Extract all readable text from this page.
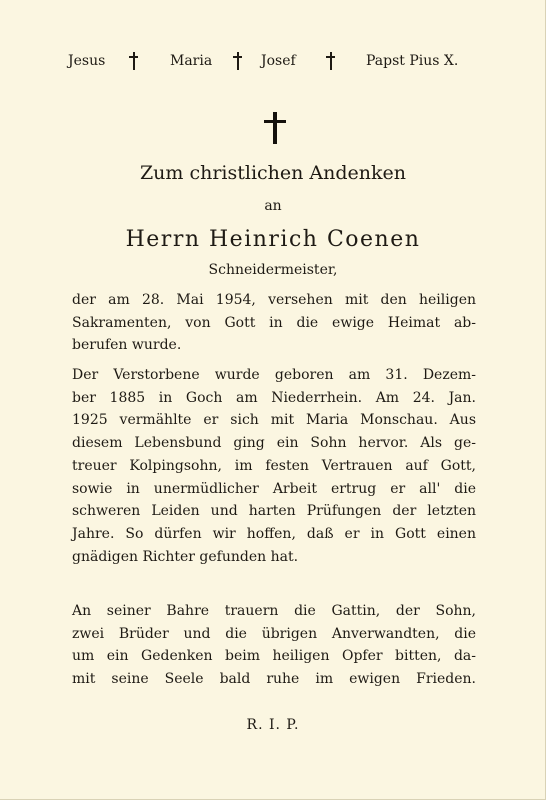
Jesus	Maria	Josef	Papst Pius X.
Zum christlichen Andenken
an
Herrn Heinrich Coenen
Schneidermeister,
der am 28. Mai 1954, versehen mit den heiligen
Sakramenten, von Gott in die ewige Heimat ab-
berufen wurde.
Der Verstorbene wurde geboren am 31. Dezem-
ber 1885 in Goch am Niederrhein. Am 24. Jan.
1925 vermählte er sich mit Maria Monschau. Aus
diesem Lebensbund ging ein Sohn hervor. Als ge-
treuer Kolpingsohn, im festen Vertrauen auf Gott,
sowie in unermüdlicher Arbeit ertrug er all' die
schweren Leiden und harten Prüfungen der letzten
Jahre. So dürfen wir hoffen, daß er in Gott einen
gnädigen Richter gefunden hat.
An seiner Bahre trauern die Gattin, der Sohn,
zwei Brüder und die übrigen Anverwandten, die
um ein Gedenken beim heiligen Opfer bitten, da-
mit seine Seele bald ruhe im ewigen Frieden.
R. I. P.
